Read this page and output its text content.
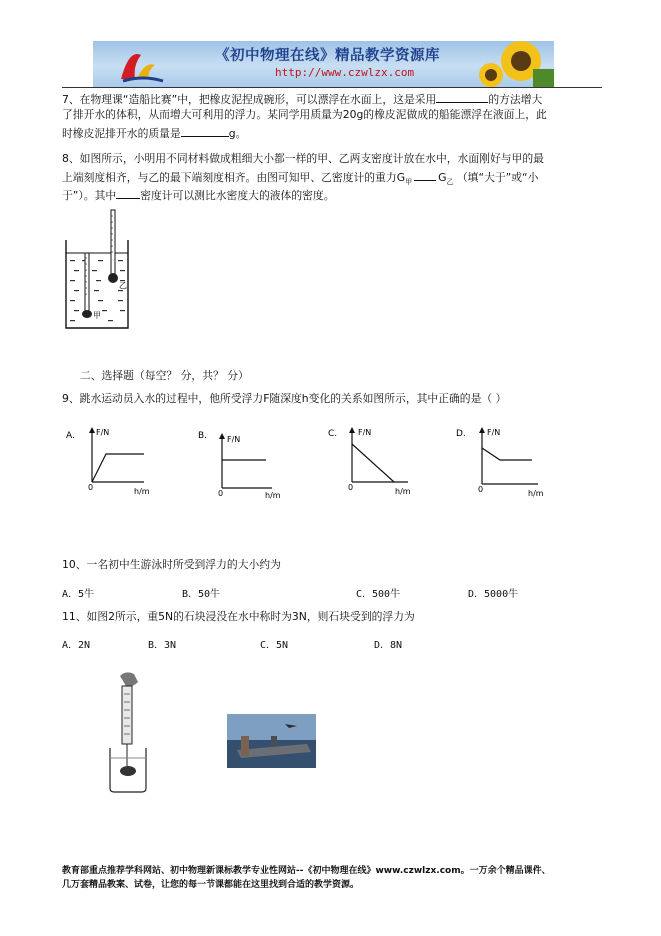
《初中物理在线》精品教学资源库
http://www.czwlzx.com
7、在物理课“造船比赛”中，把橡皮泥捏成碗形，可以漂浮在水面上，这是采用	的方法增大
了排开水的体积，从而增大可利用的浮力。某同学用质量为20g的橡皮泥做成的船能漂浮在液面上，此
时橡皮泥排开水的质量是	g。
8、如图所示，小明用不同材料做成粗细大小都一样的甲、乙两支密度计放在水中，水面刚好与甲的最
上端刻度相齐，与乙的最下端刻度相齐。由图可知甲、乙密度计的重力$G_甲$ $G_乙$ （填“大于”或“小
于”）。其中 密度计可以测比水密度大的液体的密度。
乙
甲
二、选择题（每空？ 分，共？ 分）
9、跳水运动员入水的过程中，他所受浮力F随深度h变化的关系如图所示，其中正确的是（ ）
A.	F/N
0	h/m
B. F/N
0	h/m
C.	F/N
0	h/m
D.	F/N
0	h/m
10、一名初中生游泳时所受到浮力的大小约为
A．5牛	B．50牛	C．500牛	D．5000牛
11、如图2所示，重5N的石块浸没在水中称时为3N，则石块受到的浮力为
A．2N	B．3N	C．5N	D．8N
教育部重点推荐学科网站、初中物理新课标教学专业性网站--《初中物理在线》www.czwlzx.com。一万余个精品课件、
几万套精品教案、试卷，让您的每一节课都能在这里找到合适的教学资源。
